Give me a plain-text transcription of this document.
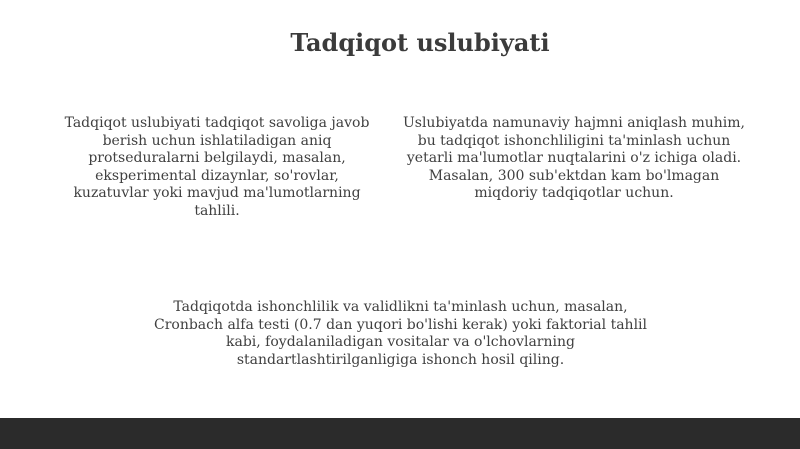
Tadqiqot uslubiyati

Tadqiqot uslubiyati tadqiqot savoliga javob berish uchun ishlatiladigan aniq protseduralarni belgilaydi, masalan, eksperimental dizaynlar, so'rovlar, kuzatuvlar yoki mavjud ma'lumotlarning tahlili.

Uslubiyatda namunaviy hajmni aniqlash muhim, bu tadqiqot ishonchliligini ta'minlash uchun yetarli ma'lumotlar nuqtalarini o'z ichiga oladi. Masalan, 300 sub'ektdan kam bo'lmagan miqdoriy tadqiqotlar uchun.

Tadqiqotda ishonchlilik va validlikni ta'minlash uchun, masalan, Cronbach alfa testi (0.7 dan yuqori bo'lishi kerak) yoki faktorial tahlil kabi, foydalaniladigan vositalar va o'lchovlarning standartlashtirilganligiga ishonch hosil qiling.
